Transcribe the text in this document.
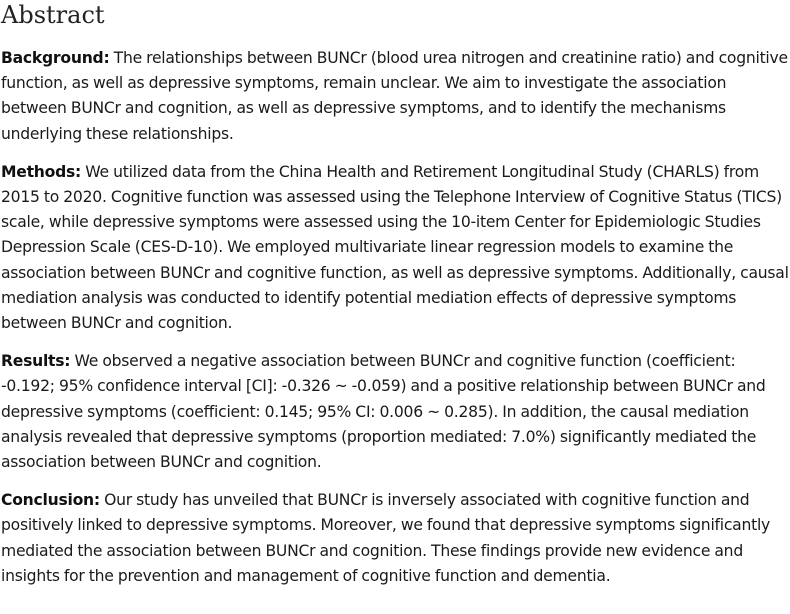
Abstract

Background: The relationships between BUNCr (blood urea nitrogen and creatinine ratio) and cognitive function, as well as depressive symptoms, remain unclear. We aim to investigate the association between BUNCr and cognition, as well as depressive symptoms, and to identify the mechanisms underlying these relationships.

Methods: We utilized data from the China Health and Retirement Longitudinal Study (CHARLS) from 2015 to 2020. Cognitive function was assessed using the Telephone Interview of Cognitive Status (TICS) scale, while depressive symptoms were assessed using the 10-item Center for Epidemiologic Studies Depression Scale (CES-D-10). We employed multivariate linear regression models to examine the association between BUNCr and cognitive function, as well as depressive symptoms. Additionally, causal mediation analysis was conducted to identify potential mediation effects of depressive symptoms between BUNCr and cognition.

Results: We observed a negative association between BUNCr and cognitive function (coefficient: -0.192; 95% confidence interval [CI]: -0.326 ~ -0.059) and a positive relationship between BUNCr and depressive symptoms (coefficient: 0.145; 95% CI: 0.006 ~ 0.285). In addition, the causal mediation analysis revealed that depressive symptoms (proportion mediated: 7.0%) significantly mediated the association between BUNCr and cognition.

Conclusion: Our study has unveiled that BUNCr is inversely associated with cognitive function and positively linked to depressive symptoms. Moreover, we found that depressive symptoms significantly mediated the association between BUNCr and cognition. These findings provide new evidence and insights for the prevention and management of cognitive function and dementia.
